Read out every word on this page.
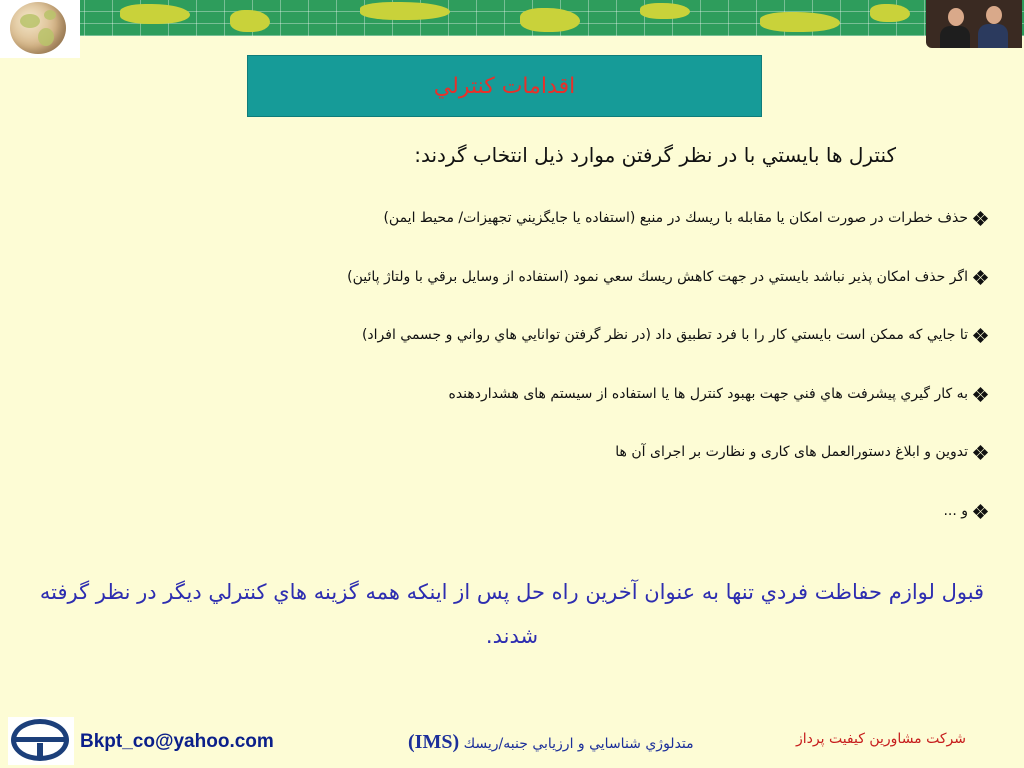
اقدامات کنترلي
کنترل ها بايستي با در نظر گرفتن موارد ذيل انتخاب گردند:
حذف خطرات در صورت امكان يا مقابله با ريسك در منبع (استفاده يا جايگزيني تجهيزات/ محيط ايمن)
اگر حذف امكان پذير نباشد بايستي در جهت كاهش ريسك سعي نمود (استفاده از وسايل برقي با ولتاژ پائين)
تا جايي كه ممكن است بايستي كار را با فرد تطبيق داد (در نظر گرفتن توانايي هاي رواني و جسمي افراد)
به كار گيري پيشرفت هاي فني جهت بهبود كنترل ها يا استفاده از سيستم های هشداردهنده
تدوين و ابلاغ دستورالعمل های كاری و نظارت بر اجرای آن ها
و ...
قبول لوازم حفاظت فردي تنها به عنوان آخرين راه حل پس از اينكه همه گزينه هاي كنترلي ديگر در نظر گرفته شدند.
Bkpt_co@yahoo.com	متدلوژي شناسايي و ارزيابي جنبه/ريسك (IMS)	شركت مشاورين كيفيت پرداز
